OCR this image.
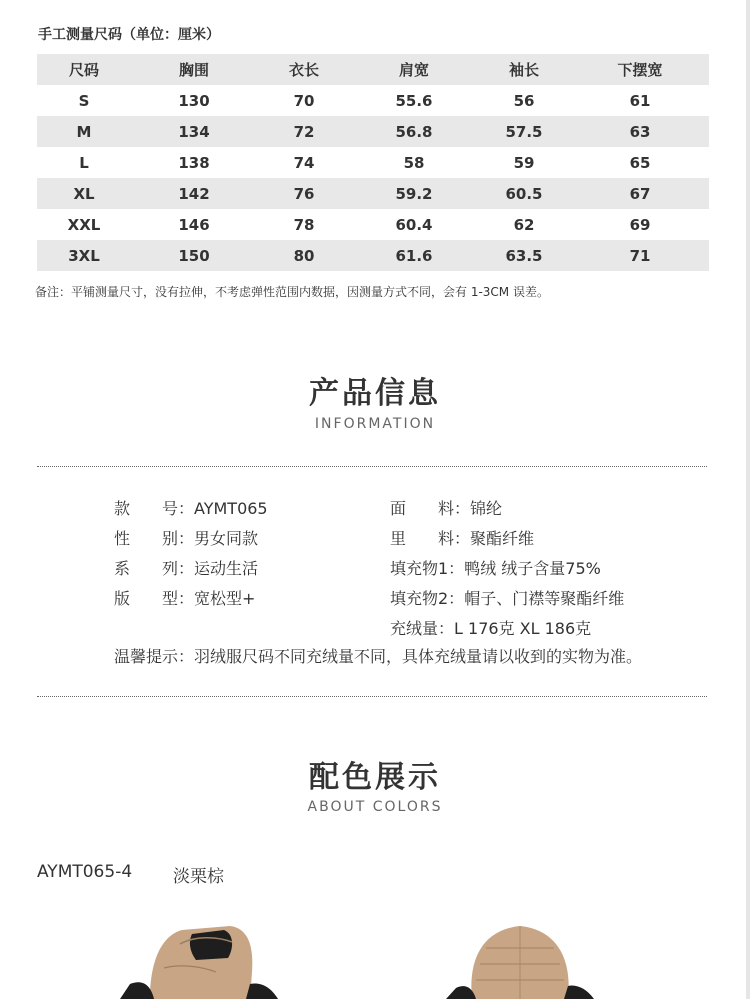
手工测量尺码（单位：厘米）
尺码	胸围	衣长	肩宽	袖长	下摆宽
S	130	70	55.6	56	61
M	134	72	56.8	57.5	63
L	138	74	58	59	65
XL	142	76	59.2	60.5	67
XXL	146	78	60.4	62	69
3XL	150	80	61.6	63.5	71
备注：平铺测量尺寸，没有拉伸，不考虑弹性范围内数据，因测量方式不同，会有 1-3CM 误差。
产品信息
INFORMATION
款　　号：AYMT065
性　　别：男女同款
系　　列：运动生活
版　　型：宽松型+
面　　料：锦纶
里　　料：聚酯纤维
填充物1：鸭绒 绒子含量75%
填充物2：帽子、门襟等聚酯纤维
充绒量：L 176克 XL 186克
温馨提示：羽绒服尺码不同充绒量不同，具体充绒量请以收到的实物为准。
配色展示
ABOUT COLORS
AYMT065-4 淡栗棕
